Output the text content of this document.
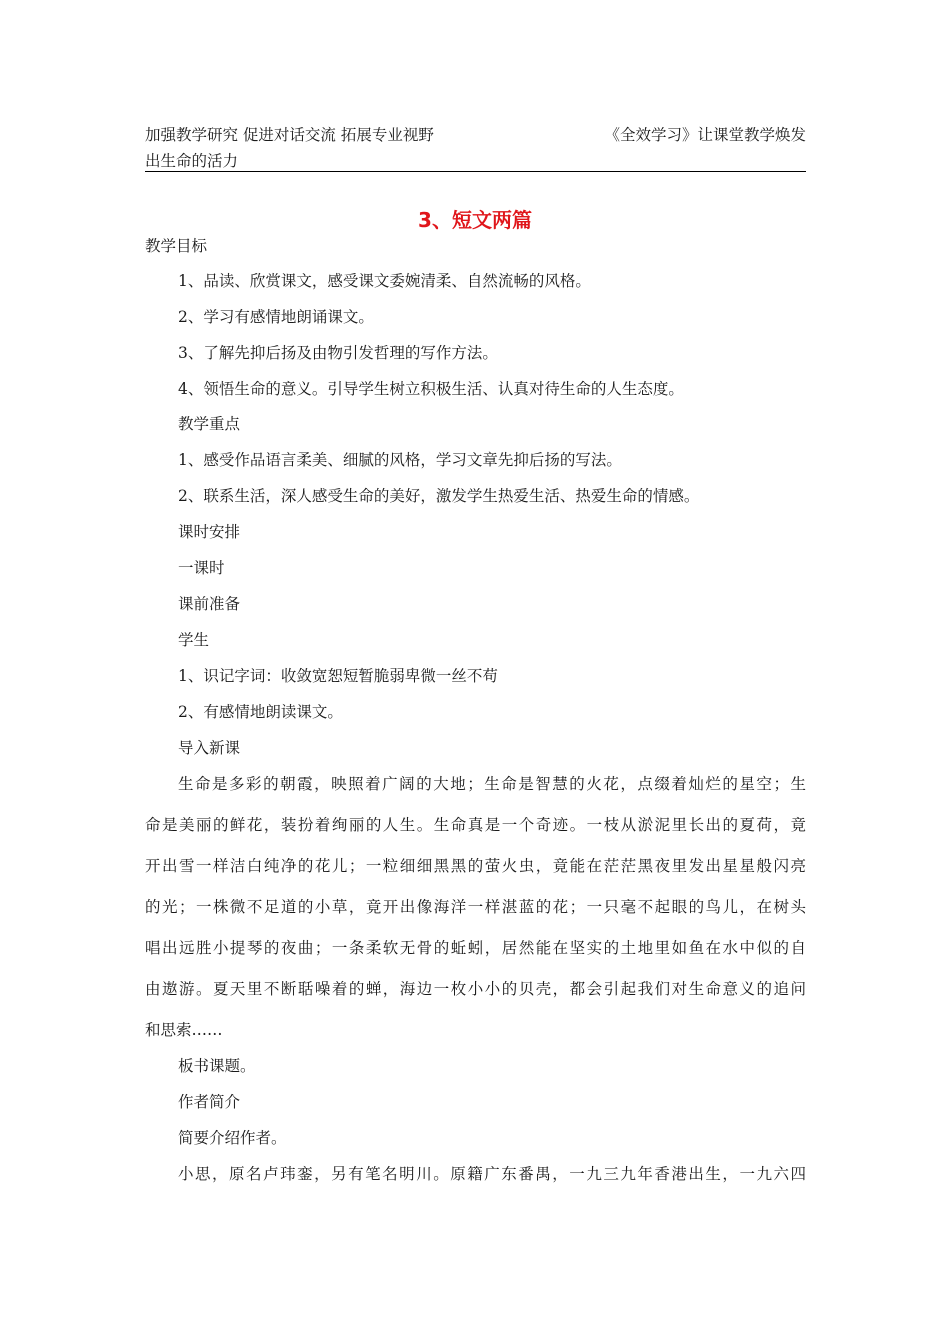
加强教学研究 促进对话交流 拓展专业视野	《全效学习》让课堂教学焕发
出生命的活力
3、短文两篇
教学目标
1、品读、欣赏课文，感受课文委婉清柔、自然流畅的风格。
2、学习有感情地朗诵课文。
3、了解先抑后扬及由物引发哲理的写作方法。
4、领悟生命的意义。引导学生树立积极生活、认真对待生命的人生态度。
教学重点
1、感受作品语言柔美、细腻的风格，学习文章先抑后扬的写法。
2、联系生活，深人感受生命的美好，激发学生热爱生活、热爱生命的情感。
课时安排
一课时
课前准备
学生
1、识记字词：收敛宽恕短暂脆弱卑微一丝不苟
2、有感情地朗读课文。
导入新课
生命是多彩的朝霞，映照着广阔的大地；生命是智慧的火花，点缀着灿烂的星空；生
命是美丽的鲜花，装扮着绚丽的人生。生命真是一个奇迹。一枝从淤泥里长出的夏荷，竟
开出雪一样洁白纯净的花儿；一粒细细黑黑的萤火虫，竟能在茫茫黑夜里发出星星般闪亮
的光；一株微不足道的小草，竟开出像海洋一样湛蓝的花；一只毫不起眼的鸟儿，在树头
唱出远胜小提琴的夜曲；一条柔软无骨的蚯蚓，居然能在坚实的土地里如鱼在水中似的自
由遨游。夏天里不断聒噪着的蝉，海边一枚小小的贝壳，都会引起我们对生命意义的追问
和思索……
板书课题。
作者简介
简要介绍作者。
小思，原名卢玮銮，另有笔名明川。原籍广东番禺，一九三九年香港出生，一九六四
